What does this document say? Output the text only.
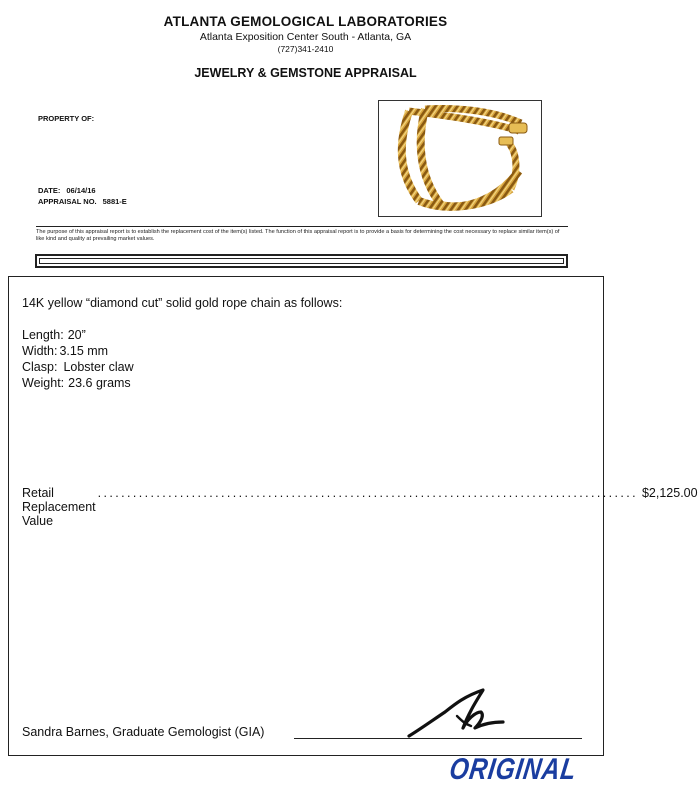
ATLANTA GEMOLOGICAL LABORATORIES
Atlanta Exposition Center South - Atlanta, GA
(727)341-2410
JEWELRY & GEMSTONE APPRAISAL
PROPERTY OF:
DATE: 06/14/16
APPRAISAL NO. 5881-E
The purpose of this appraisal report is to establish the replacement cost of the item(s) listed. The function of this appraisal report is to provide a basis for determining the cost necessary to replace similar item(s) of like kind and quality at prevailing market values.
14K yellow “diamond cut” solid gold rope chain as follows:
Length: 20”
Width: 3.15 mm
Clasp: Lobster claw
Weight: 23.6 grams
Retail Replacement Value
............................................................................................ $2,125.00
Sandra Barnes, Graduate Gemologist (GIA)
ORIGINAL
